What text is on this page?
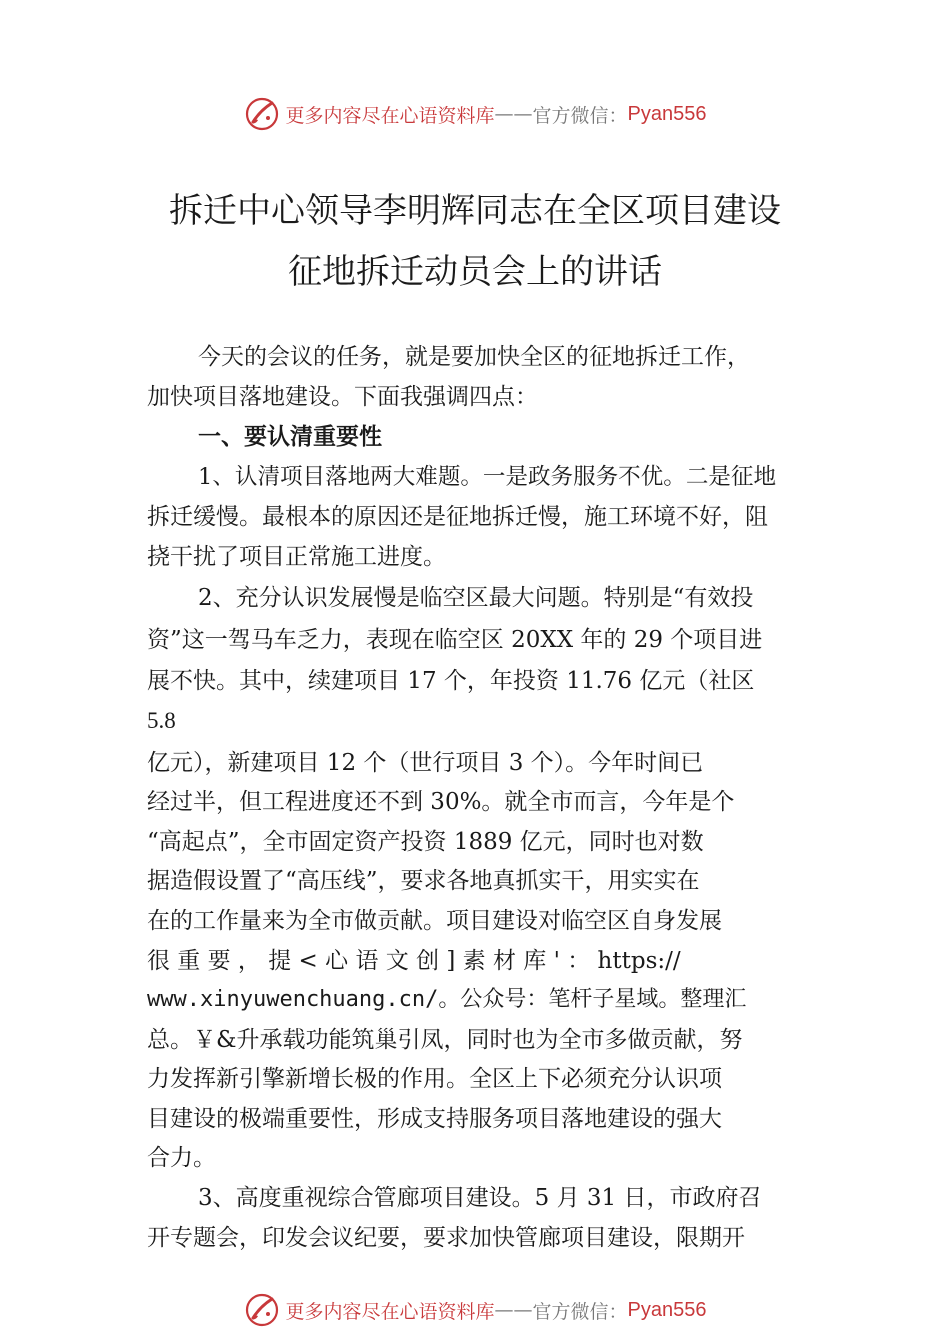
更多内容尽在心语资料库 —— 官方微信： Pyan556
拆迁中心领导李明辉同志在全区项目建设
征地拆迁动员会上的讲话
今天的会议的任务，就是要加快全区的征地拆迁工作，
加快项目落地建设。下面我强调四点：
一、要认清重要性
1、认清项目落地两大难题。一是政务服务不优。二是征地
拆迁缓慢。最根本的原因还是征地拆迁慢，施工环境不好，阻
挠干扰了项目正常施工进度。
2、充分认识发展慢是临空区最大问题。特别是“有效投
资”这一驾马车乏力，表现在临空区 20XX 年的 29 个项目进
展不快。其中，续建项目 17 个，年投资 11.76 亿元（社区
5.8
亿元），新建项目 12 个（世行项目 3 个）。今年时间已
经过半，但工程进度还不到 30%。就全市而言，今年是个
“高起点”，全市固定资产投资 1889 亿元，同时也对数
据造假设置了“高压线”，要求各地真抓实干，用实实在
在的工作量来为全市做贡献。项目建设对临空区自身发展
很 重 要 ， 提 < 心 语 文 创 ] 素 材 库 ' ： https://
www.xinyuwenchuang.cn/。公众号：笔杆子星域。整理汇
总。￥&升承载功能筑巢引凤，同时也为全市多做贡献，努
力发挥新引擎新增长极的作用。全区上下必须充分认识项
目建设的极端重要性，形成支持服务项目落地建设的强大
合力。
3、高度重视综合管廊项目建设。5 月 31 日，市政府召
开专题会，印发会议纪要，要求加快管廊项目建设，限期开
更多内容尽在心语资料库 —— 官方微信： Pyan556
